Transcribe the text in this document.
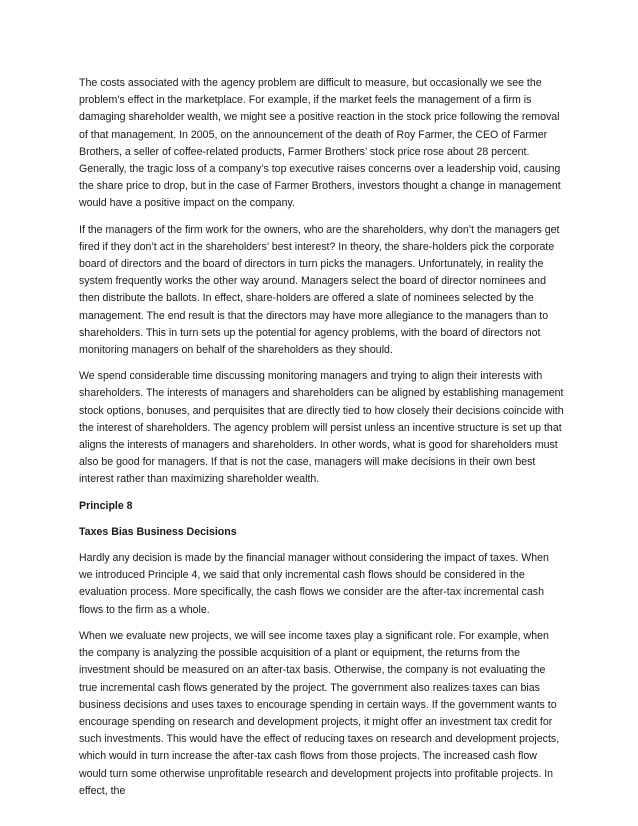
The costs associated with the agency problem are difficult to measure, but occasionally we see the problem’s effect in the marketplace. For example, if the market feels the management of a firm is damaging shareholder wealth, we might see a positive reaction in the stock price following the removal of that management. In 2005, on the announcement of the death of Roy Farmer, the CEO of Farmer Brothers, a seller of coffee-related products, Farmer Brothers’ stock price rose about 28 percent. Generally, the tragic loss of a company’s top executive raises concerns over a leadership void, causing the share price to drop, but in the case of Farmer Brothers, investors thought a change in management would have a positive impact on the company.

If the managers of the firm work for the owners, who are the shareholders, why don’t the managers get fired if they don’t act in the shareholders’ best interest? In theory, the share-holders pick the corporate board of directors and the board of directors in turn picks the managers. Unfortunately, in reality the system frequently works the other way around. Managers select the board of director nominees and then distribute the ballots. In effect, share-holders are offered a slate of nominees selected by the management. The end result is that the directors may have more allegiance to the managers than to shareholders. This in turn sets up the potential for agency problems, with the board of directors not monitoring managers on behalf of the shareholders as they should.

We spend considerable time discussing monitoring managers and trying to align their interests with shareholders. The interests of managers and shareholders can be aligned by establishing management stock options, bonuses, and perquisites that are directly tied to how closely their decisions coincide with the interest of shareholders. The agency problem will persist unless an incentive structure is set up that aligns the interests of managers and shareholders. In other words, what is good for shareholders must also be good for managers. If that is not the case, managers will make decisions in their own best interest rather than maximizing shareholder wealth.

Principle 8

Taxes Bias Business Decisions

Hardly any decision is made by the financial manager without considering the impact of taxes. When we introduced Principle 4, we said that only incremental cash flows should be considered in the evaluation process. More specifically, the cash flows we consider are the after-tax incremental cash flows to the firm as a whole.

When we evaluate new projects, we will see income taxes play a significant role. For example, when the company is analyzing the possible acquisition of a plant or equipment, the returns from the investment should be measured on an after-tax basis. Otherwise, the company is not evaluating the true incremental cash flows generated by the project. The government also realizes taxes can bias business decisions and uses taxes to encourage spending in certain ways. If the government wants to encourage spending on research and development projects, it might offer an investment tax credit for such investments. This would have the effect of reducing taxes on research and development projects, which would in turn increase the after-tax cash flows from those projects. The increased cash flow would turn some otherwise unprofitable research and development projects into profitable projects. In effect, the
